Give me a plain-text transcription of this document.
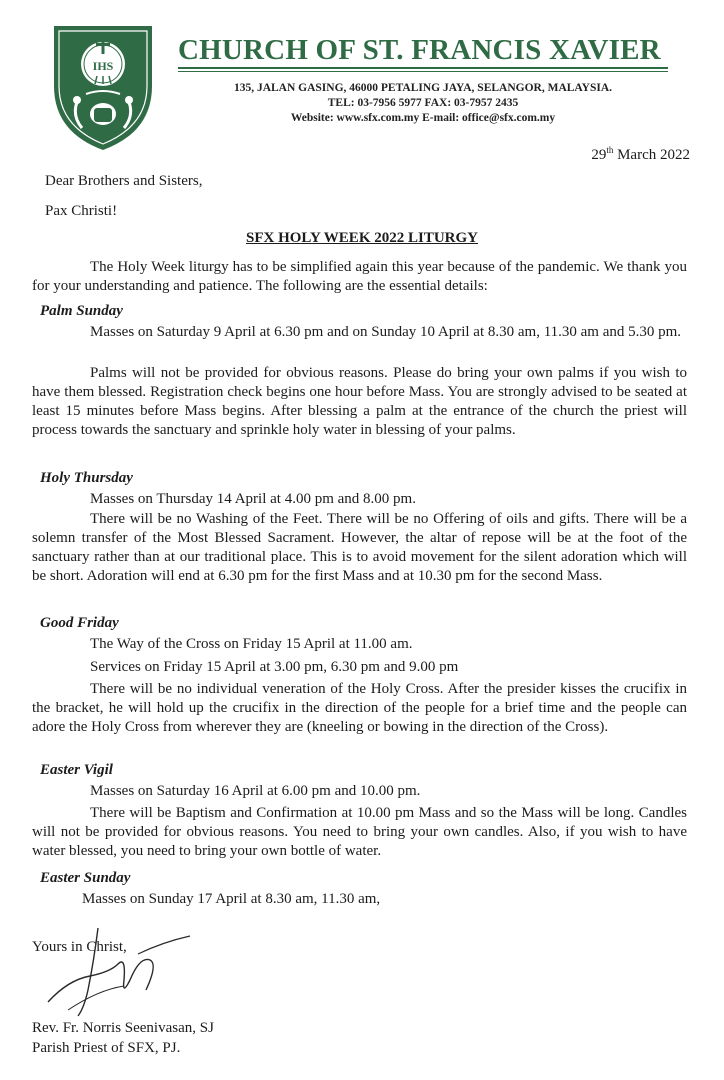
IHS CHURCH OF ST. FRANCIS XAVIER
135, JALAN GASING, 46000 PETALING JAYA, SELANGOR, MALAYSIA.
TEL: 03-7956 5977 FAX: 03-7957 2435
Website: www.sfx.com.my E-mail: office@sfx.com.my
29th March 2022
Dear Brothers and Sisters,
Pax Christi!
SFX HOLY WEEK 2022 LITURGY
The Holy Week liturgy has to be simplified again this year because of the pandemic. We thank you for your understanding and patience. The following are the essential details:
Palm Sunday
Masses on Saturday 9 April at 6.30 pm and on Sunday 10 April at 8.30 am, 11.30 am and 5.30 pm.
Palms will not be provided for obvious reasons. Please do bring your own palms if you wish to have them blessed. Registration check begins one hour before Mass. You are strongly advised to be seated at least 15 minutes before Mass begins. After blessing a palm at the entrance of the church the priest will process towards the sanctuary and sprinkle holy water in blessing of your palms.
Holy Thursday
Masses on Thursday 14 April at 4.00 pm and 8.00 pm.
There will be no Washing of the Feet. There will be no Offering of oils and gifts. There will be a solemn transfer of the Most Blessed Sacrament. However, the altar of repose will be at the foot of the sanctuary rather than at our traditional place. This is to avoid movement for the silent adoration which will be short. Adoration will end at 6.30 pm for the first Mass and at 10.30 pm for the second Mass.
Good Friday
The Way of the Cross on Friday 15 April at 11.00 am.
Services on Friday 15 April at 3.00 pm, 6.30 pm and 9.00 pm
There will be no individual veneration of the Holy Cross. After the presider kisses the crucifix in the bracket, he will hold up the crucifix in the direction of the people for a brief time and the people can adore the Holy Cross from wherever they are (kneeling or bowing in the direction of the Cross).
Easter Vigil
Masses on Saturday 16 April at 6.00 pm and 10.00 pm.
There will be Baptism and Confirmation at 10.00 pm Mass and so the Mass will be long. Candles will not be provided for obvious reasons. You need to bring your own candles. Also, if you wish to have water blessed, you need to bring your own bottle of water.
Easter Sunday
Masses on Sunday 17 April at 8.30 am, 11.30 am,
Yours in Christ,
Rev. Fr. Norris Seenivasan, SJ
Parish Priest of SFX, PJ.
